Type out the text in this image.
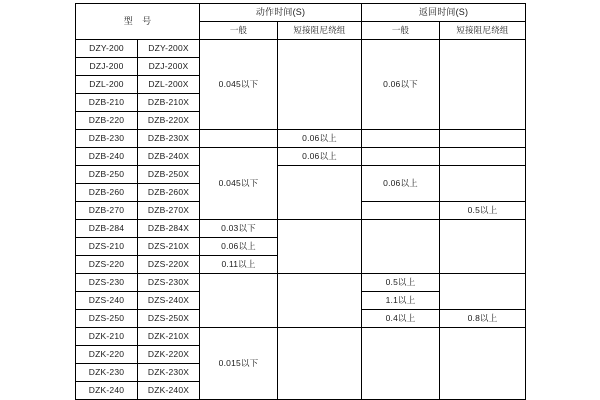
型　号		动作时间(S)		返回时间(S)	
		一般	短接阻尼绕组	一般	短接阻尼绕组
DZY-200	DZY-200X	0.045以下		0.06以下	
DZJ-200	DZJ-200X				
DZL-200	DZL-200X				
DZB-210	DZB-210X				
DZB-220	DZB-220X				
DZB-230	DZB-230X		0.06以上		
DZB-240	DZB-240X	0.045以下	0.06以上		
DZB-250	DZB-250X			0.06以上	
DZB-260	DZB-260X				
DZB-270	DZB-270X				0.5以上
DZB-284	DZB-284X	0.03以下			
DZS-210	DZS-210X	0.06以上			
DZS-220	DZS-220X	0.11以上			
DZS-230	DZS-230X			0.5以上	
DZS-240	DZS-240X			1.1以上	
DZS-250	DZS-250X			0.4以上	0.8以上
DZK-210	DZK-210X	0.015以下			
DZK-220	DZK-220X				
DZK-230	DZK-230X				
DZK-240	DZK-240X				
